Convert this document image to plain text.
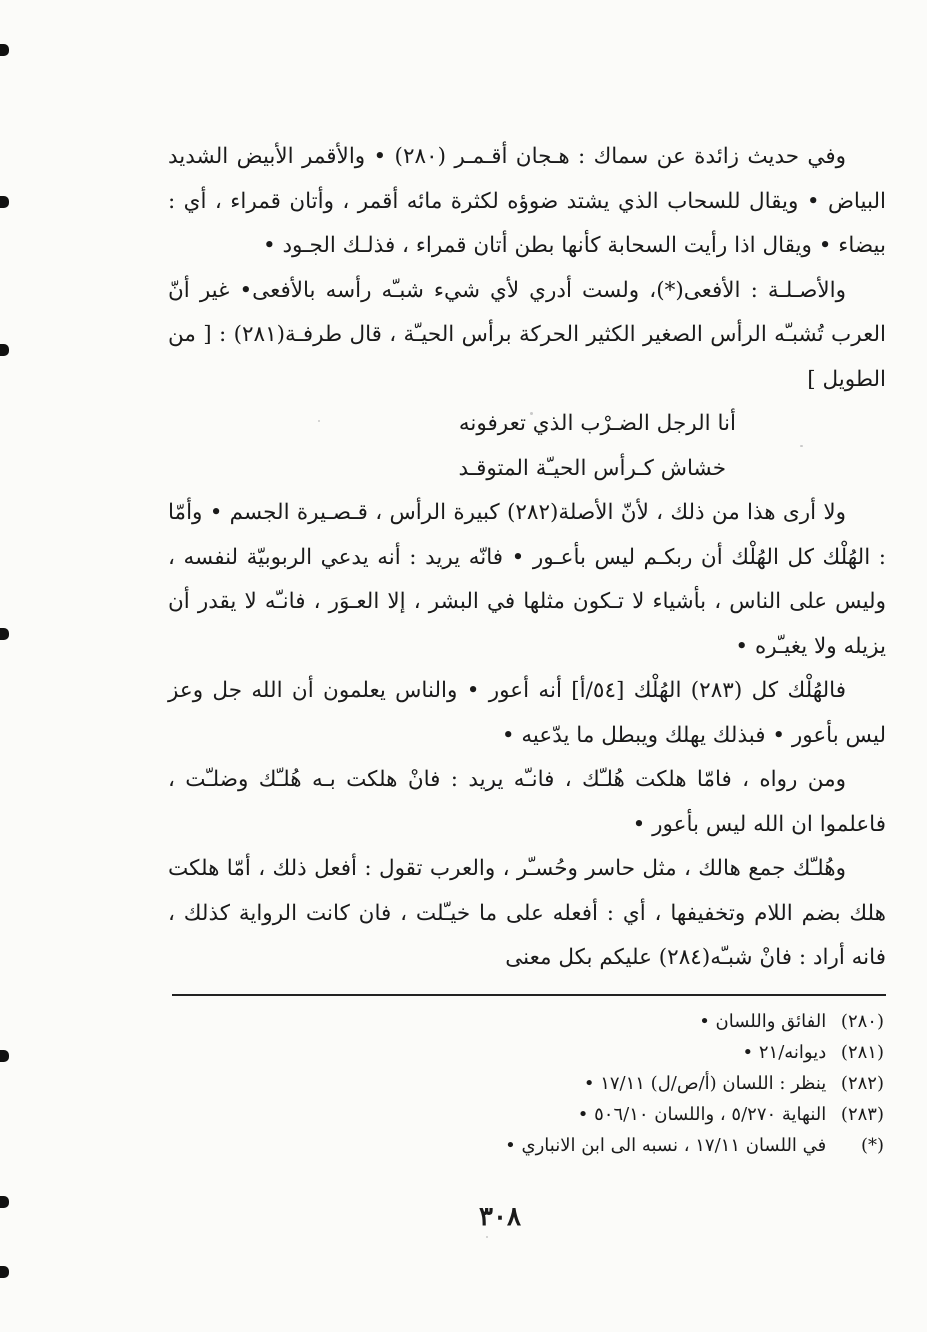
وفي حديث زائدة عن سماك : هـجان أقـمـر (٢٨٠) • والأقمر الأبيض الشديد البياض • ويقال للسحاب الذي يشتد ضوؤه لكثرة مائه أقمر ، وأتان قمراء ، أي : بيضاء • ويقال اذا رأيت السحابة كأنها بطن أتان قمراء ، فذلـك الجـود •

والأصـلـة : الأفعى(*)، ولست أدري لأي شيء شبـّه رأسه بالأفعى• غير أنّ العرب تُشبـّه الرأس الصغير الكثير الحركة برأس الحيـّة ، قال طرفـة(٢٨١) : [ من الطويل ]

أنا الرجل الضـرْب الذي تعرفونه

خشاش كـرأس الحيـّة المتوقـد

ولا أرى هذا من ذلك ، لأنّ الأصلة(٢٨٢) كبيرة الرأس ، قـصـيرة الجسم • وأمّا : الهُلْك كل الهُلْك أن ربكـم ليس بأعـور • فانّه يريد : أنه يدعي الربوبيّة لنفسه ، وليس على الناس ، بأشياء لا تـكون مثلها في البشر ، إلا العـوَر ، فانـّه لا يقدر أن يزيله ولا يغيـّره •

فالهُلْك كل (٢٨٣) الهُلْك [٥٤/أ] أنه أعور • والناس يعلمون أن الله جل وعز ليس بأعور • فبذلك يهلك ويبطل ما يدّعيه •

ومن رواه ، فامّا هلكت هُلـّك ، فانـّه يريد : فانْ هلكت بـه هُلـّك وضلـّت ، فاعلموا ان الله ليس بأعور •

وهُلـّك جمع هالك ، مثل حاسر وحُسـّر ، والعرب تقول : أفعل ذلك ، أمّا هلكت هلك بضم اللام وتخفيفها ، أي : أفعله على ما خيـّلت ، فان كانت الرواية كذلك ، فانه أراد : فانْ شبـّه(٢٨٤) عليكم بكل معنى

(٢٨٠) الفائق واللسان •
(٢٨١) ديوانه/٢١ •
(٢٨٢) ينظر : اللسان (أ/ص/ل) ١٧/١١ •
(٢٨٣) النهاية ٥/٢٧٠ ، واللسان ٥٠٦/١٠ •
(*) في اللسان ١٧/١١ ، نسبه الى ابن الانباري •
٣٠٨
